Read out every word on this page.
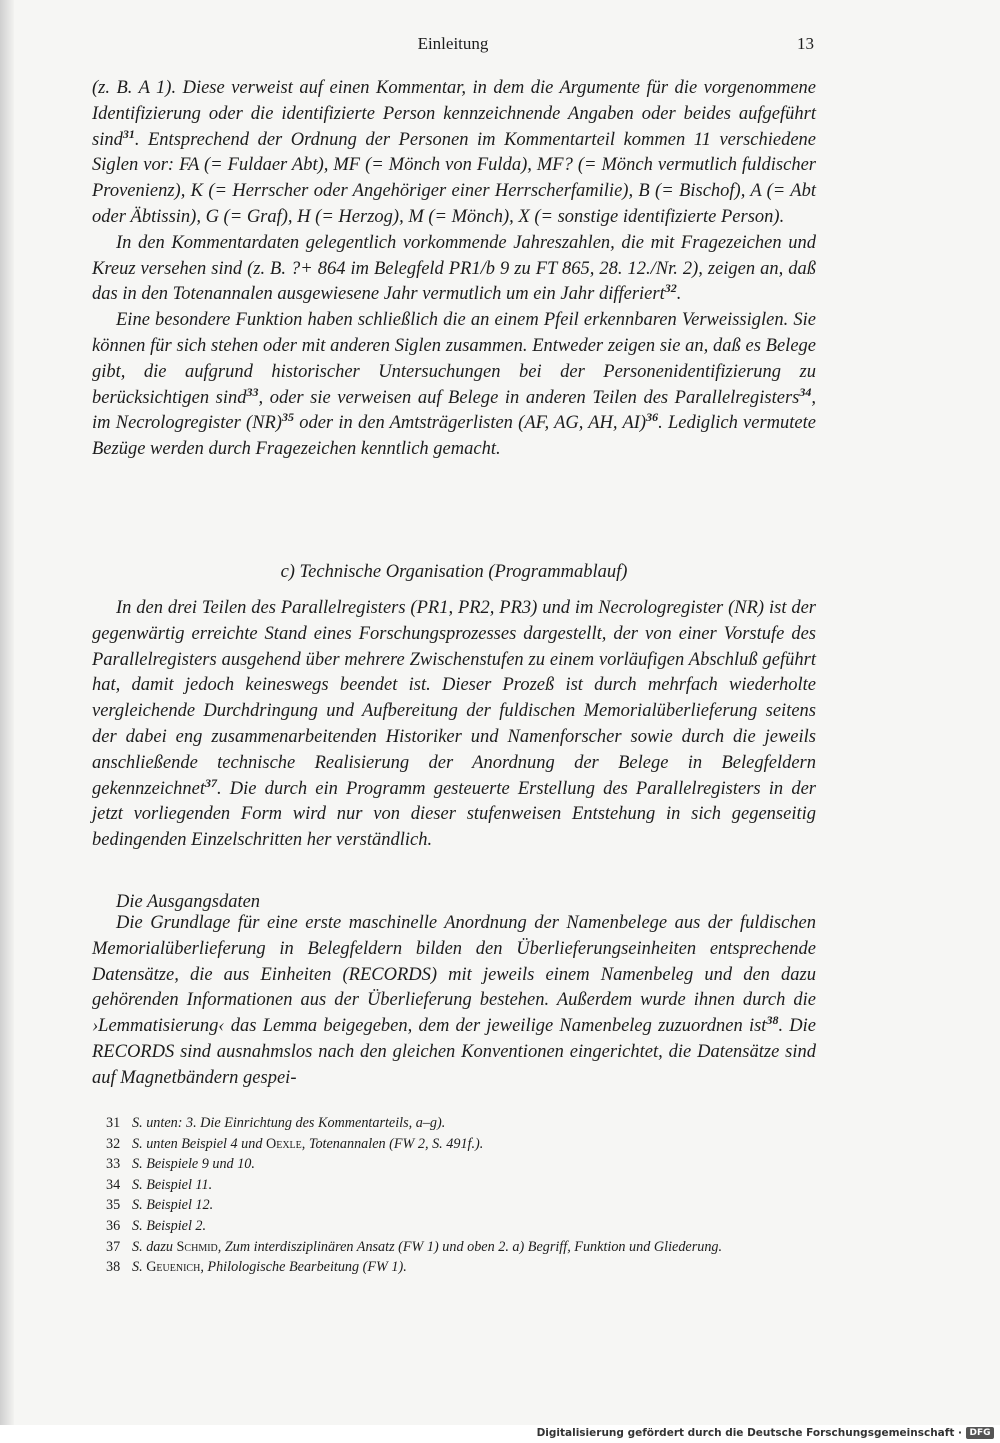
Einleitung	13

(z. B. A 1). Diese verweist auf einen Kommentar, in dem die Argumente für die vorgenommene Identifizierung oder die identifizierte Person kennzeichnende Angaben oder beides aufgeführt sind$^{31}$. Entsprechend der Ordnung der Personen im Kommentarteil kommen 11 verschiedene Siglen vor: FA (= Fuldaer Abt), MF (= Mönch von Fulda), MF? (= Mönch vermutlich fuldischer Provenienz), K (= Herrscher oder Angehöriger einer Herrscherfamilie), B (= Bischof), A (= Abt oder Äbtissin), G (= Graf), H (= Herzog), M (= Mönch), X (= sonstige identifizierte Person).

In den Kommentardaten gelegentlich vorkommende Jahreszahlen, die mit Fragezeichen und Kreuz versehen sind (z. B. ?+ 864 im Belegfeld PR1/b 9 zu FT 865, 28. 12./Nr. 2), zeigen an, daß das in den Totenannalen ausgewiesene Jahr vermutlich um ein Jahr differiert$^{32}$.

Eine besondere Funktion haben schließlich die an einem Pfeil erkennbaren Verweissiglen. Sie können für sich stehen oder mit anderen Siglen zusammen. Entweder zeigen sie an, daß es Belege gibt, die aufgrund historischer Untersuchungen bei der Personenidentifizierung zu berücksichtigen sind$^{33}$, oder sie verweisen auf Belege in anderen Teilen des Parallelregisters$^{34}$, im Necrologregister (NR)$^{35}$ oder in den Amtsträgerlisten (AF, AG, AH, AI)$^{36}$. Lediglich vermutete Bezüge werden durch Fragezeichen kenntlich gemacht.

c) Technische Organisation (Programmablauf)

In den drei Teilen des Parallelregisters (PR1, PR2, PR3) und im Necrologregister (NR) ist der gegenwärtig erreichte Stand eines Forschungsprozesses dargestellt, der von einer Vorstufe des Parallelregisters ausgehend über mehrere Zwischenstufen zu einem vorläufigen Abschluß geführt hat, damit jedoch keineswegs beendet ist. Dieser Prozeß ist durch mehrfach wiederholte vergleichende Durchdringung und Aufbereitung der fuldischen Memorialüberlieferung seitens der dabei eng zusammenarbeitenden Historiker und Namenforscher sowie durch die jeweils anschließende technische Realisierung der Anordnung der Belege in Belegfeldern gekennzeichnet$^{37}$. Die durch ein Programm gesteuerte Erstellung des Parallelregisters in der jetzt vorliegenden Form wird nur von dieser stufenweisen Entstehung in sich gegenseitig bedingenden Einzelschritten her verständlich.

Die Ausgangsdaten

Die Grundlage für eine erste maschinelle Anordnung der Namenbelege aus der fuldischen Memorialüberlieferung in Belegfeldern bilden den Überlieferungseinheiten entsprechende Datensätze, die aus Einheiten (RECORDS) mit jeweils einem Namenbeleg und den dazu gehörenden Informationen aus der Überlieferung bestehen. Außerdem wurde ihnen durch die ›Lemmatisierung‹ das Lemma beigegeben, dem der jeweilige Namenbeleg zuzuordnen ist$^{38}$. Die RECORDS sind ausnahmslos nach den gleichen Konventionen eingerichtet, die Datensätze sind auf Magnetbändern gespei-

31 S. unten: 3. Die Einrichtung des Kommentarteils, a–g).
32 S. unten Beispiel 4 und Oexle, Totenannalen (FW 2, S. 491f.).
33 S. Beispiele 9 und 10.
34 S. Beispiel 11.
35 S. Beispiel 12.
36 S. Beispiel 2.
37 S. dazu Schmid, Zum interdisziplinären Ansatz (FW 1) und oben 2. a) Begriff, Funktion und Gliederung.
38 S. Geuenich, Philologische Bearbeitung (FW 1).
Digitalisierung gefördert durch die Deutsche Forschungsgemeinschaft · DFG
